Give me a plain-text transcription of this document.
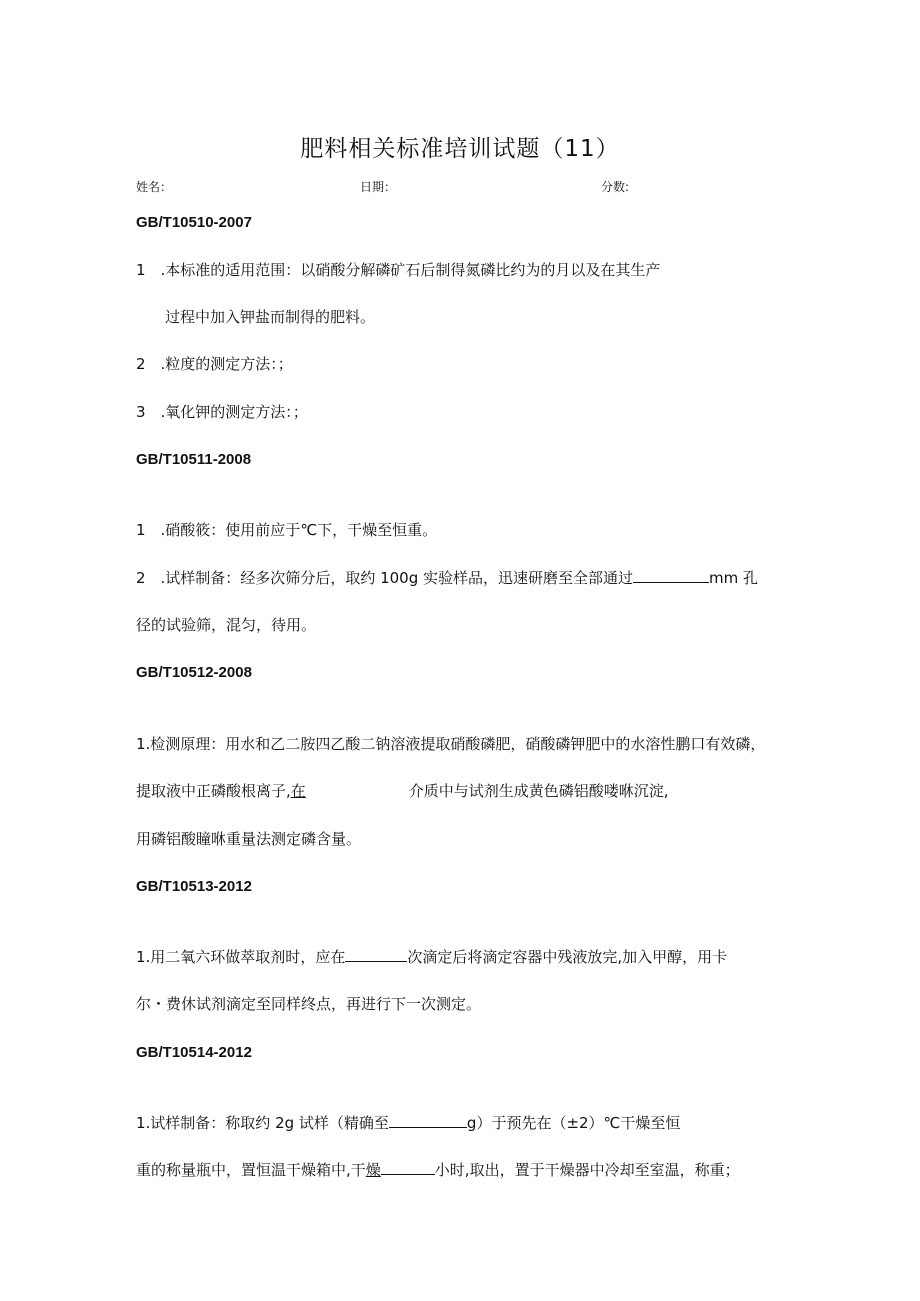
肥料相关标准培训试题（11）
姓名：	日期：	分数:
GB/T10510-2007
1　.本标准的适用范围：以硝酸分解磷矿石后制得氮磷比约为的月以及在其生产
过程中加入钾盐而制得的肥料。
2　.粒度的测定方法：；
3　.氧化钾的测定方法：；
GB/T10511-2008
1　.硝酸筱：使用前应于℃下，干燥至恒重。
2　.试样制备：经多次筛分后，取约 100g 实验样品，迅速研磨至全部通过	mm 孔
径的试验筛，混匀，待用。
GB/T10512-2008
1.检测原理：用水和乙二胺四乙酸二钠溶液提取硝酸磷肥，硝酸磷钾肥中的水溶性鹏口有效磷，
提取液中正磷酸根离子,在	介质中与试剂生成黄色磷铝酸喽咻沉淀,
用磷铝酸瞳咻重量法测定磷含量。
GB/T10513-2012
1.用二氧六环做萃取剂时，应在	次滴定后将滴定容器中残液放完,加入甲醇，用卡
尔・费休试剂滴定至同样终点，再进行下一次测定。
GB/T10514-2012
1.试样制备：称取约 2g 试样（精确至	g）于预先在（±2）℃干燥至恒
重的称量瓶中，置恒温干燥箱中,干燥	小时,取出，置于干燥器中冷却至室温，称重；
